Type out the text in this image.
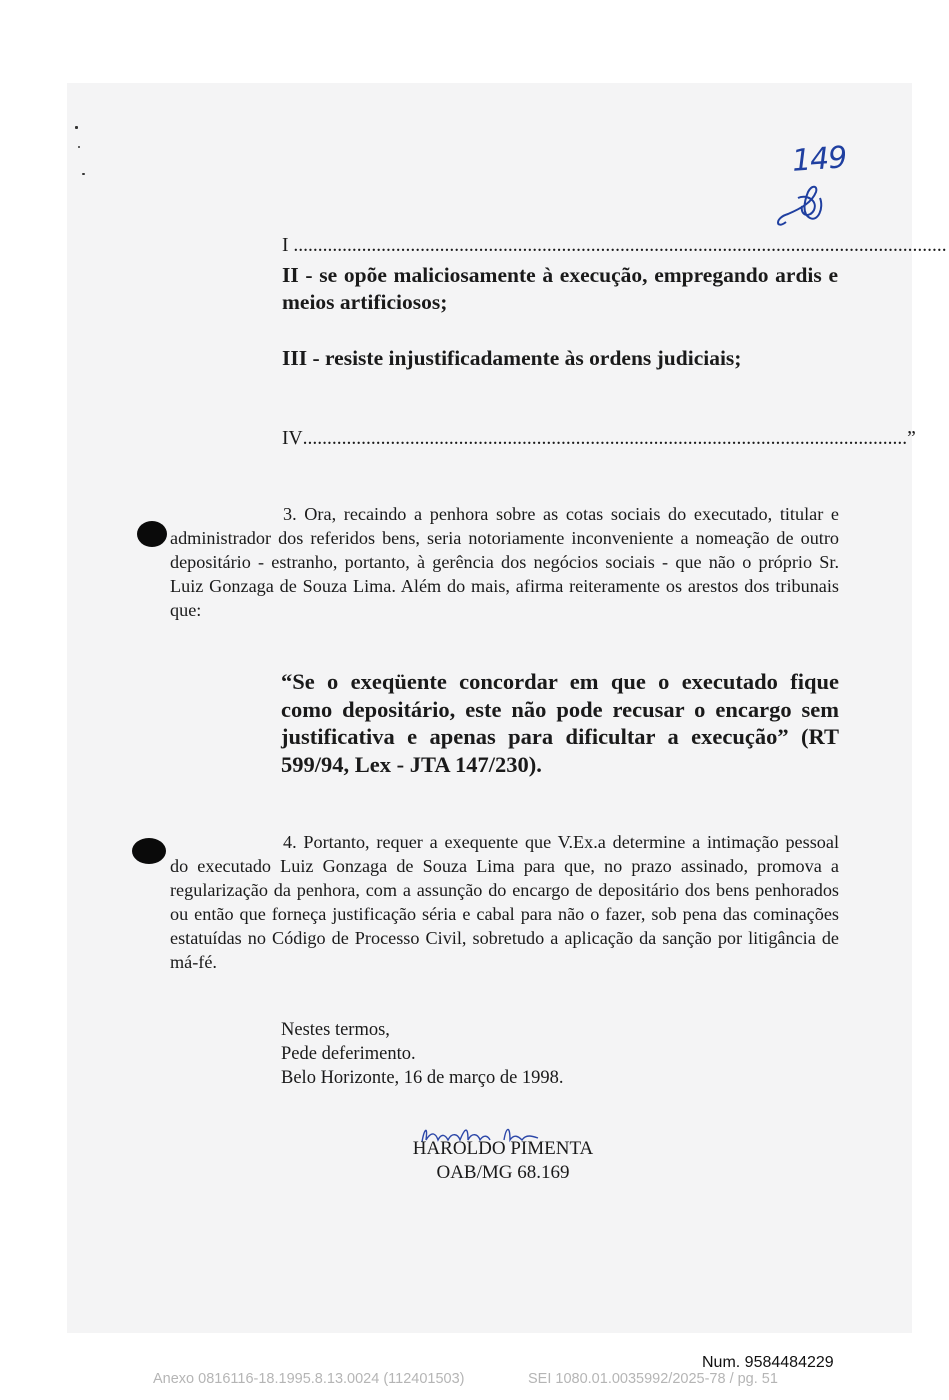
149
I ......................................................................................................................................
II - se opõe maliciosamente à execução, empregando ardis e meios artificiosos;
III - resiste injustificadamente às ordens judiciais;
IV ............................................................................................................................ ”
3. Ora, recaindo a penhora sobre as cotas sociais do executado, titular e administrador dos referidos bens, seria notoriamente inconveniente a nomeação de outro depositário - estranho, portanto, à gerência dos negócios sociais - que não o próprio Sr. Luiz Gonzaga de Souza Lima. Além do mais, afirma reiteramente os arestos dos tribunais que:
“Se o exeqüente concordar em que o executado fique como depositário, este não pode recusar o encargo sem justificativa e apenas para dificultar a execução” (RT 599/94, Lex - JTA 147/230).
4. Portanto, requer a exequente que V.Ex.a determine a intimação pessoal do executado Luiz Gonzaga de Souza Lima para que, no prazo assinado, promova a regularização da penhora, com a assunção do encargo de depositário dos bens penhorados ou então que forneça justificação séria e cabal para não o fazer, sob pena das cominações estatuídas no Código de Processo Civil, sobretudo a aplicação da sanção por litigância de má-fé.
Nestes termos,
Pede deferimento.
Belo Horizonte, 16 de março de 1998.
HAROLDO PIMENTA
OAB/MG 68.169
Num. 9584484229
Anexo 0816116-18.1995.8.13.0024 (112401503)	SEI 1080.01.0035992/2025-78 / pg. 51
